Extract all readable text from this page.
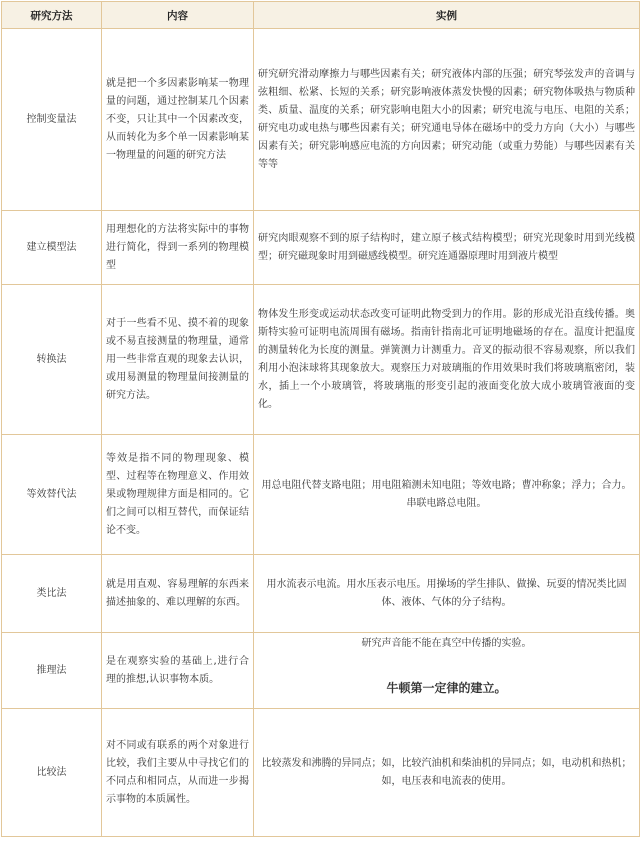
研究方法	内容	实例
控制变量法	就是把一个多因素影响某一物理量的问题，通过控制某几个因素不变，只让其中一个因素改变，从而转化为多个单一因素影响某一物理量的问题的研究方法	研究研究滑动摩擦力与哪些因素有关；研究液体内部的压强；研究琴弦发声的音调与弦粗细、松紧、长短的关系；研究影响液体蒸发快慢的因素；研究物体吸热与物质种类、质量、温度的关系；研究影响电阻大小的因素；研究电流与电压、电阻的关系；研究电功或电热与哪些因素有关；研究通电导体在磁场中的受力方向（大小）与哪些因素有关；研究影响感应电流的方向因素；研究动能（或重力势能）与哪些因素有关等等
建立模型法	用理想化的方法将实际中的事物进行简化，得到一系列的物理模型	研究肉眼观察不到的原子结构时，建立原子核式结构模型；研究光现象时用到光线模型；研究磁现象时用到磁感线模型。研究连通器原理时用到液片模型
转换法	对于一些看不见、摸不着的现象或不易直接测量的物理量，通常用一些非常直观的现象去认识，或用易测量的物理量间接测量的研究方法。	物体发生形变或运动状态改变可证明此物受到力的作用。影的形成光沿直线传播。奥斯特实验可证明电流周围有磁场。指南针指南北可证明地磁场的存在。温度计把温度的测量转化为长度的测量。弹簧测力计测重力。音叉的振动很不容易观察，所以我们利用小泡沫球将其现象放大。观察压力对玻璃瓶的作用效果时我们将玻璃瓶密闭，装水，插上一个小玻璃管，将玻璃瓶的形变引起的液面变化放大成小玻璃管液面的变化。
等效替代法	等效是指不同的物理现象、模型、过程等在物理意义、作用效果或物理规律方面是相同的。它们之间可以相互替代，而保证结论不变。	用总电阻代替支路电阻；用电阻箱测未知电阻；等效电路；曹冲称象；浮力；合力。串联电路总电阻。
类比法	就是用直观、容易理解的东西来描述抽象的、难以理解的东西。	用水流表示电流。用水压表示电压。用操场的学生排队、做操、玩耍的情况类比固体、液体、气体的分子结构。
推理法	是在观察实验的基础上,进行合理的推想,认识事物本质。	研究声音能不能在真空中传播的实验。
牛顿第一定律的建立。

比较法	对不同或有联系的两个对象进行比较，我们主要从中寻找它们的不同点和相同点，从而进一步揭示事物的本质属性。	比较蒸发和沸腾的异同点；如，比较汽油机和柴油机的异同点；如，电动机和热机；如，电压表和电流表的使用。
